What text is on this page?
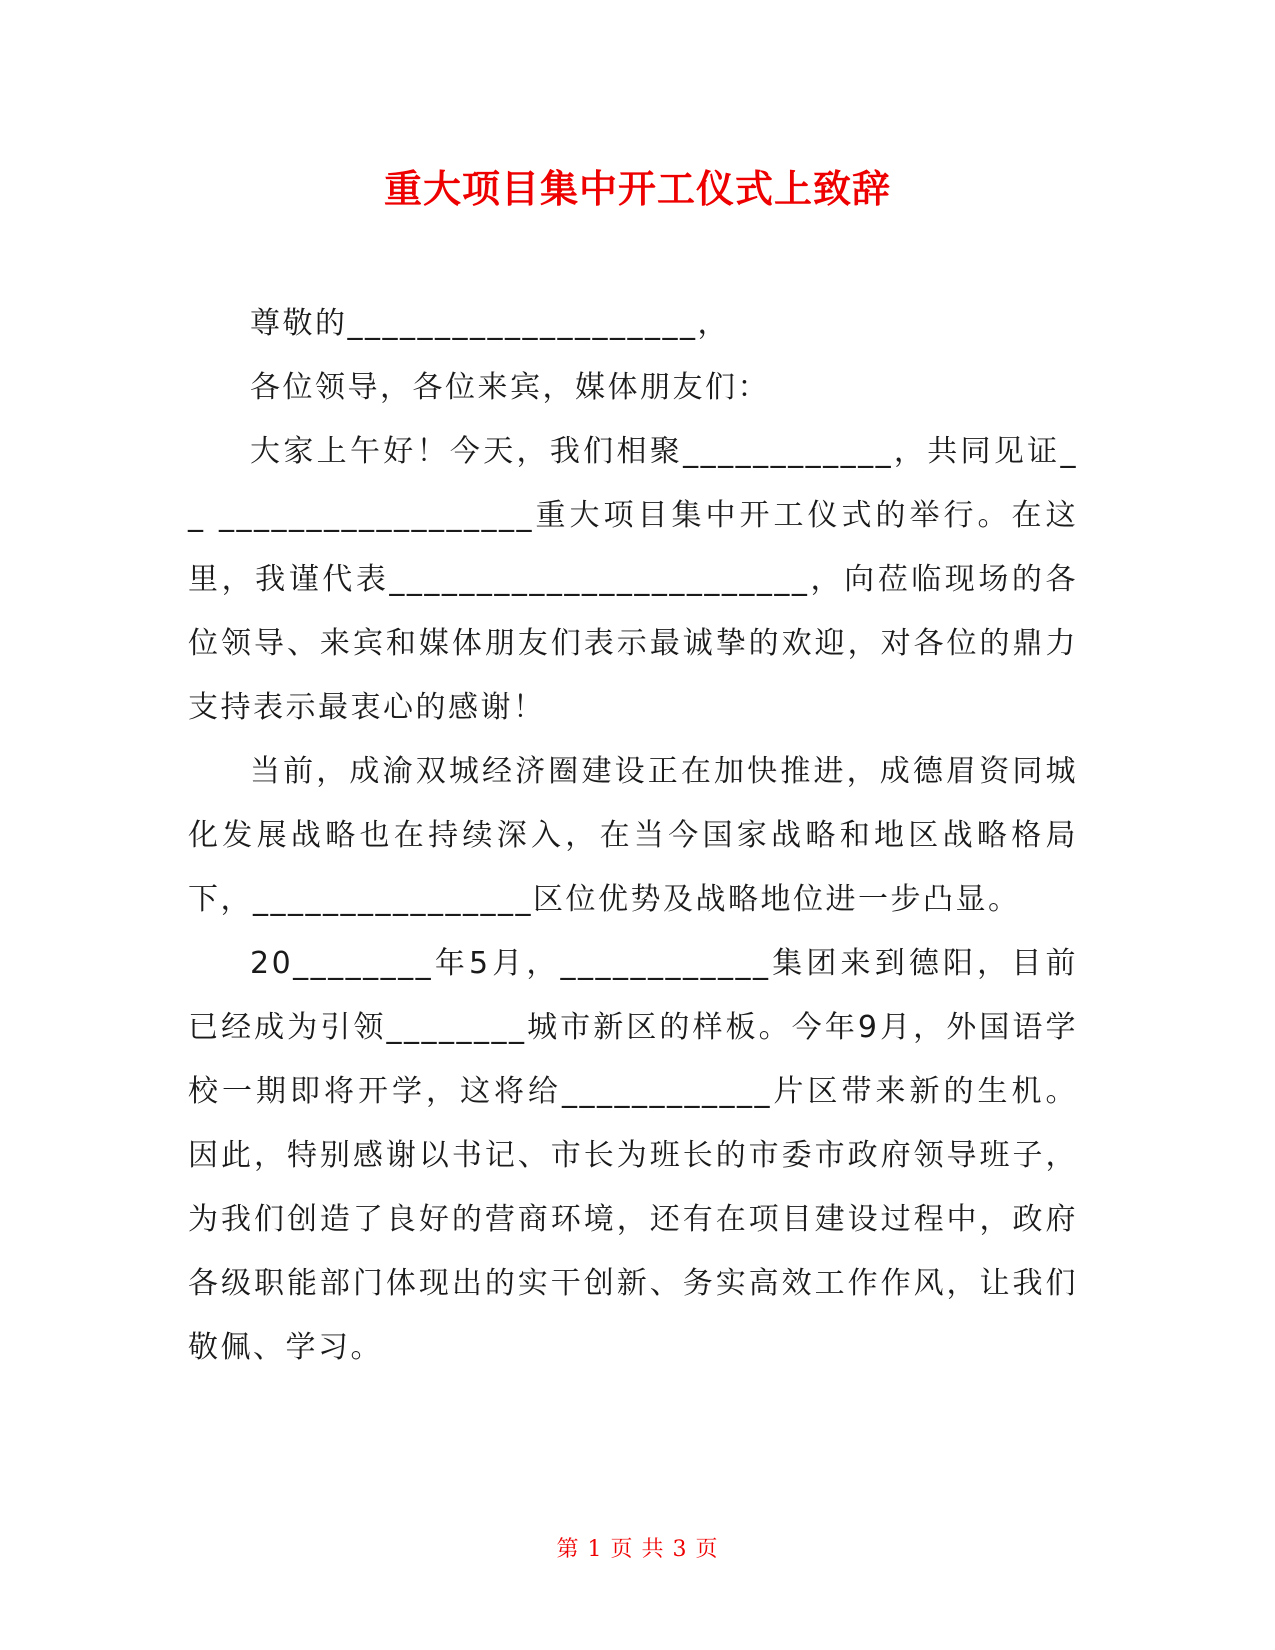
重大项目集中开工仪式上致辞

尊敬的____________________，

各位领导，各位来宾，媒体朋友们：

大家上午好！今天，我们相聚____________，共同见证__ __________________重大项目集中开工仪式的举行。在这里，我谨代表________________________，向莅临现场的各位领导、来宾和媒体朋友们表示最诚挚的欢迎，对各位的鼎力支持表示最衷心的感谢！

当前，成渝双城经济圈建设正在加快推进，成德眉资同城化发展战略也在持续深入，在当今国家战略和地区战略格局下，________________区位优势及战略地位进一步凸显。

20________年5月，____________集团来到德阳，目前已经成为引领________城市新区的样板。今年9月，外国语学校一期即将开学，这将给____________片区带来新的生机。因此，特别感谢以书记、市长为班长的市委市政府领导班子，为我们创造了良好的营商环境，还有在项目建设过程中，政府各级职能部门体现出的实干创新、务实高效工作作风，让我们敬佩、学习。

第 1 页 共 3 页
